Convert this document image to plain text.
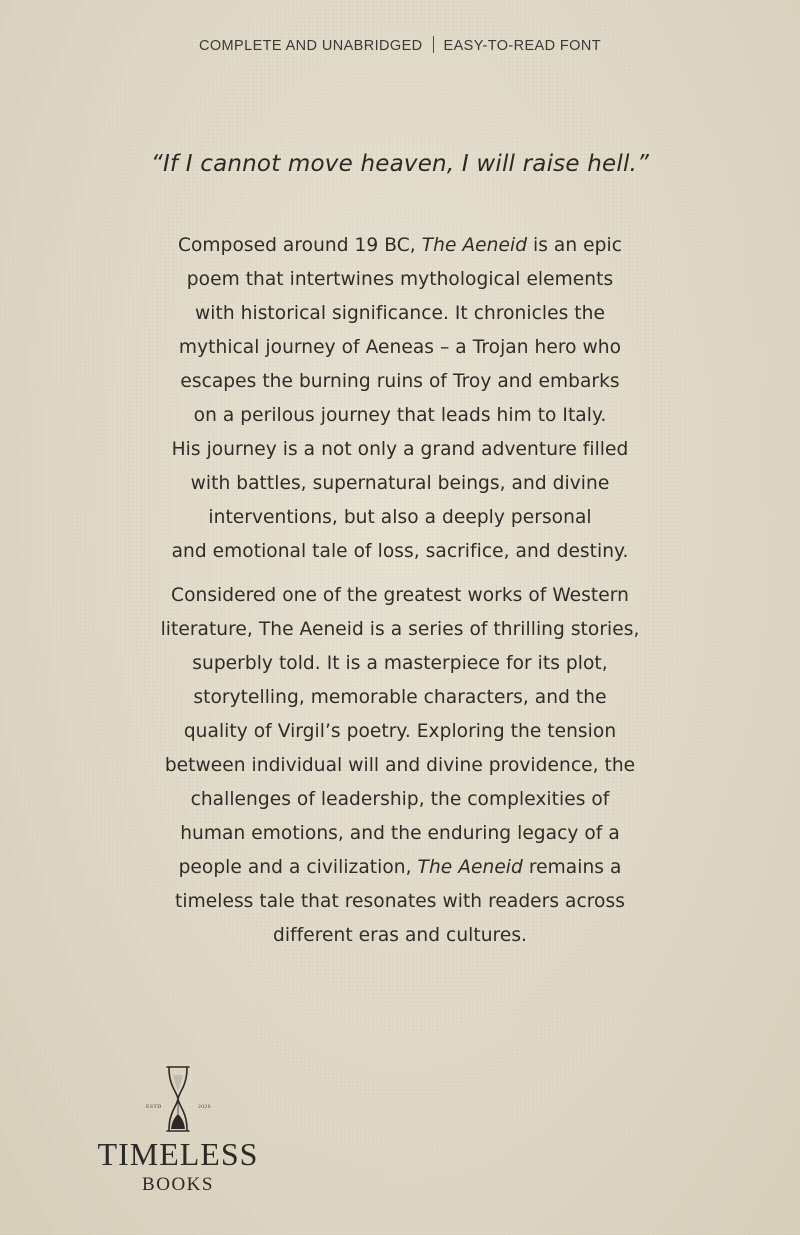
COMPLETE AND UNABRIDGED EASY-TO-READ FONT
“If I cannot move heaven, I will raise hell.”

Composed around 19 BC, The Aeneid is an epic
poem that intertwines mythological elements
with historical significance. It chronicles the
mythical journey of Aeneas – a Trojan hero who
escapes the burning ruins of Troy and embarks
on a perilous journey that leads him to Italy.
His journey is a not only a grand adventure filled
with battles, supernatural beings, and divine
interventions, but also a deeply personal
and emotional tale of loss, sacrifice, and destiny.

Considered one of the greatest works of Western
literature, The Aeneid is a series of thrilling stories,
superbly told. It is a masterpiece for its plot,
storytelling, memorable characters, and the
quality of Virgil’s poetry. Exploring the tension
between individual will and divine providence, the
challenges of leadership, the complexities of
human emotions, and the enduring legacy of a
people and a civilization, The Aeneid remains a
timeless tale that resonates with readers across
different eras and cultures.

ESTD	2020
TIMELESS
BOOKS
